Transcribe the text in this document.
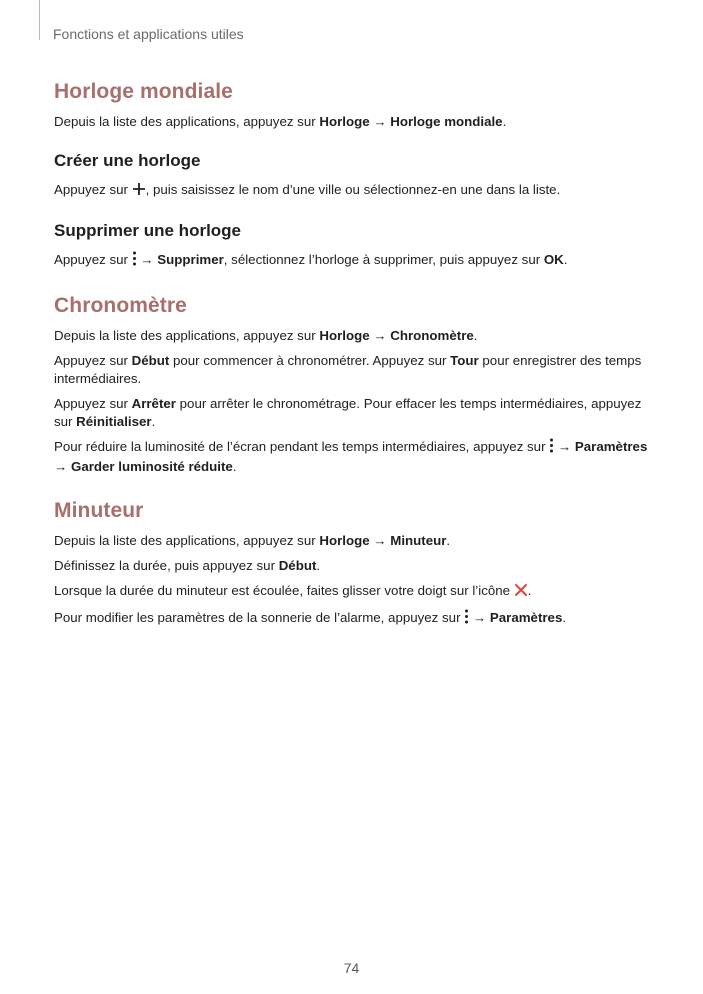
Fonctions et applications utiles
Horloge mondiale

Depuis la liste des applications, appuyez sur Horloge → Horloge mondiale.

Créer une horloge

Appuyez sur , puis saisissez le nom d’une ville ou sélectionnez-en une dans la liste.

Supprimer une horloge

Appuyez sur  → Supprimer, sélectionnez l’horloge à supprimer, puis appuyez sur OK.

Chronomètre

Depuis la liste des applications, appuyez sur Horloge → Chronomètre.

Appuyez sur Début pour commencer à chronométrer. Appuyez sur Tour pour enregistrer des temps intermédiaires.

Appuyez sur Arrêter pour arrêter le chronométrage. Pour effacer les temps intermédiaires, appuyez sur Réinitialiser.

Pour réduire la luminosité de l’écran pendant les temps intermédiaires, appuyez sur  → Paramètres → Garder luminosité réduite.

Minuteur

Depuis la liste des applications, appuyez sur Horloge → Minuteur.

Définissez la durée, puis appuyez sur Début.

Lorsque la durée du minuteur est écoulée, faites glisser votre doigt sur l’icône .

Pour modifier les paramètres de la sonnerie de l’alarme, appuyez sur  → Paramètres.

74
